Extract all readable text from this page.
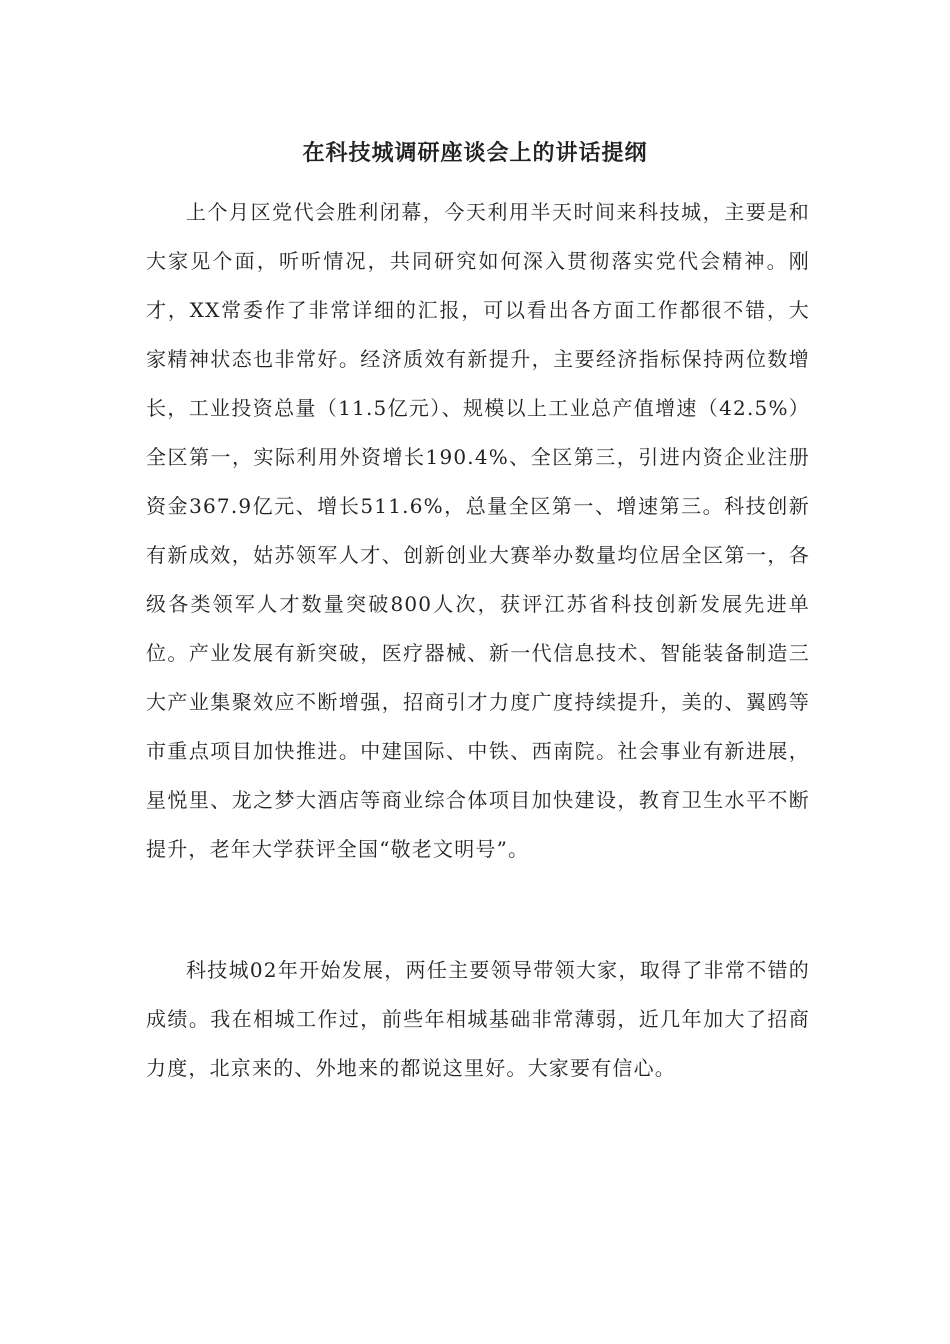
在科技城调研座谈会上的讲话提纲

上个月区党代会胜利闭幕，今天利用半天时间来科技城，主要是和大家见个面，听听情况，共同研究如何深入贯彻落实党代会精神。刚才，XX常委作了非常详细的汇报，可以看出各方面工作都很不错，大家精神状态也非常好。经济质效有新提升，主要经济指标保持两位数增长，工业投资总量（11.5亿元）、规模以上工业总产值增速（42.5%）全区第一，实际利用外资增长190.4%、全区第三，引进内资企业注册资金367.9亿元、增长511.6%，总量全区第一、增速第三。科技创新有新成效，姑苏领军人才、创新创业大赛举办数量均位居全区第一，各级各类领军人才数量突破800人次，获评江苏省科技创新发展先进单位。产业发展有新突破，医疗器械、新一代信息技术、智能装备制造三大产业集聚效应不断增强，招商引才力度广度持续提升，美的、翼鸥等市重点项目加快推进。中建国际、中铁、西南院。社会事业有新进展，星悦里、龙之梦大酒店等商业综合体项目加快建设，教育卫生水平不断提升，老年大学获评全国“敬老文明号”。

科技城02年开始发展，两任主要领导带领大家，取得了非常不错的成绩。我在相城工作过，前些年相城基础非常薄弱，近几年加大了招商力度，北京来的、外地来的都说这里好。大家要有信心。
